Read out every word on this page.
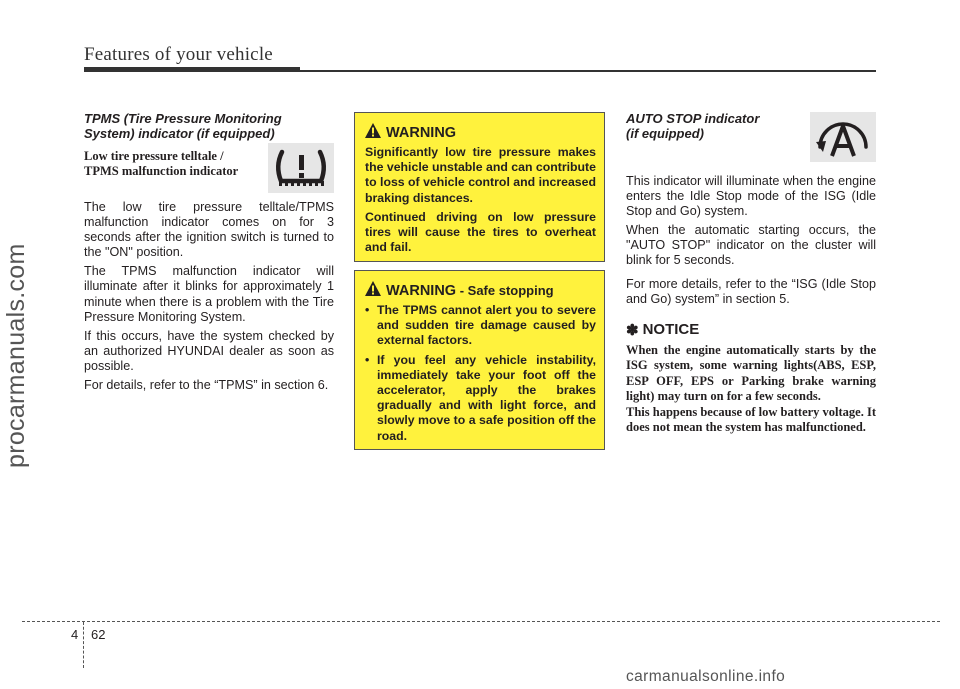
Features of your vehicle
procarmanuals.com

TPMS (Tire Pressure Monitoring
System) indicator (if equipped)

Low tire pressure telltale /
TPMS malfunction indicator

The low tire pressure telltale/TPMS malfunction indicator comes on for 3 seconds after the ignition switch is turned to the "ON" position.

The TPMS malfunction indicator will illuminate after it blinks for approximately 1 minute when there is a problem with the Tire Pressure Monitoring System.

If this occurs, have the system checked by an authorized HYUNDAI dealer as soon as possible.

For details, refer to the “TPMS” in section 6.

WARNING

Significantly low tire pressure makes the vehicle unstable and can contribute to loss of vehicle control and increased braking distances.

Continued driving on low pressure tires will cause the tires to overheat and fail.

WARNING - Safe stopping
• The TPMS cannot alert you to severe and sudden tire damage caused by external factors.
• If you feel any vehicle instability, immediately take your foot off the accelerator, apply the brakes gradually and with light force, and slowly move to a safe position off the road.

AUTO STOP indicator
(if equipped)

This indicator will illuminate when the engine enters the Idle Stop mode of the ISG (Idle Stop and Go) system.

When the automatic starting occurs, the "AUTO STOP" indicator on the cluster will blink for 5 seconds.

For more details, refer to the “ISG (Idle Stop and Go) system” in section 5.

✽ NOTICE

When the engine automatically starts by the ISG system, some warning lights(ABS, ESP, ESP OFF, EPS or Parking brake warning light) may turn on for a few seconds.

This happens because of low battery voltage. It does not mean the system has malfunctioned.

4 62
carmanualsonline.info
